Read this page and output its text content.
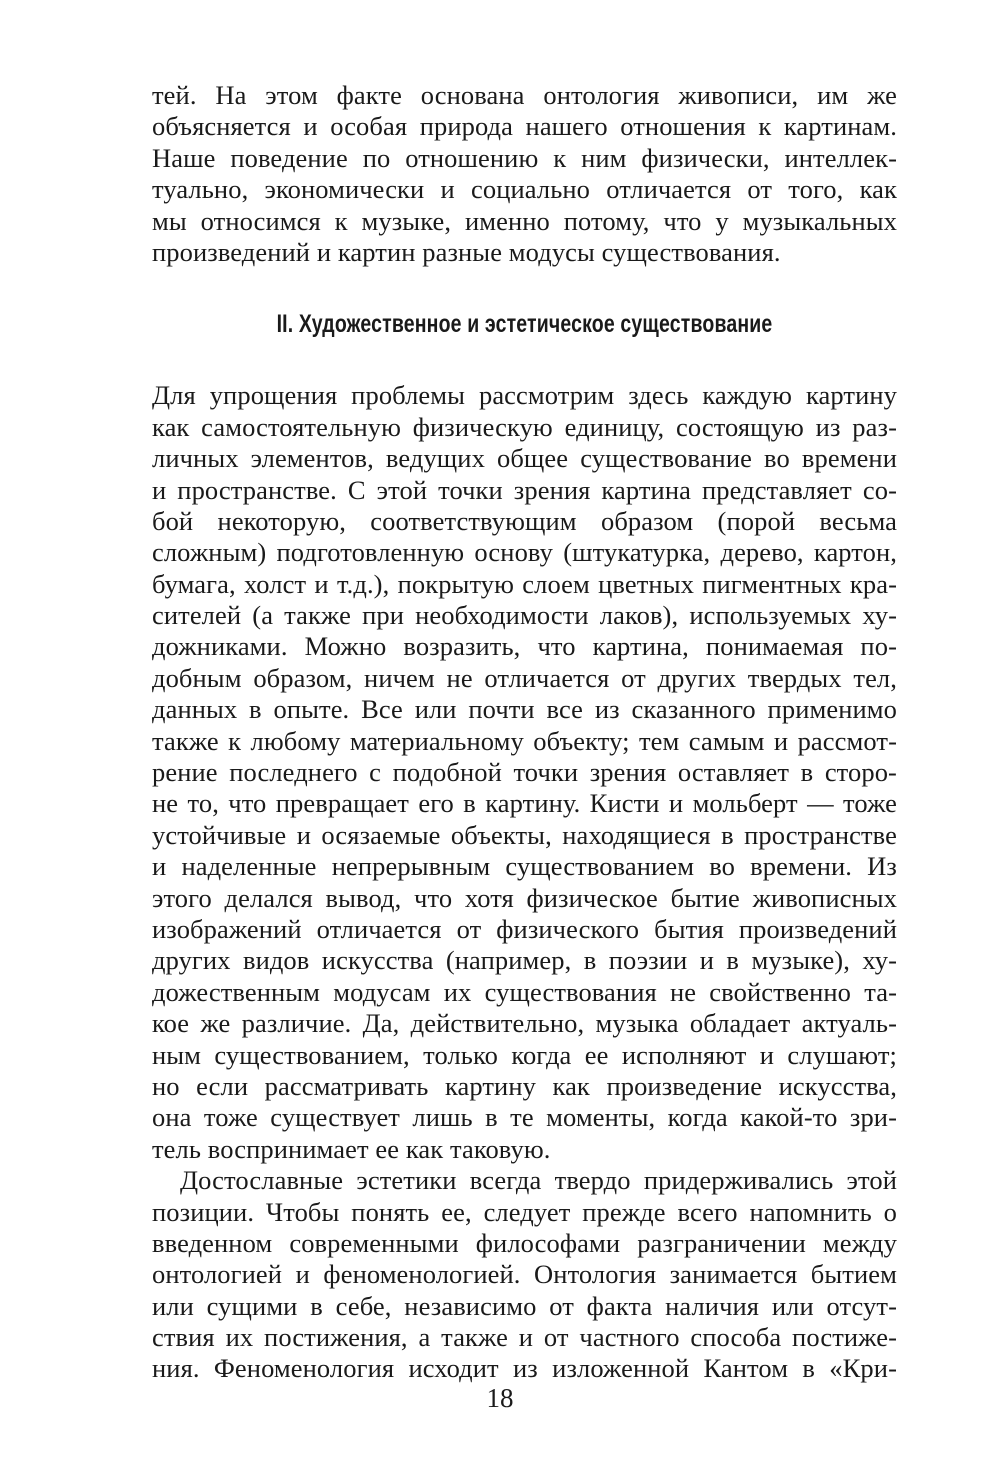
тей. На этом факте основана онтология живописи, им же
объясняется и особая природа нашего отношения к картинам.
Наше поведение по отношению к ним физически, интеллек-
туально, экономически и социально отличается от того, как
мы относимся к музыке, именно потому, что у музыкальных
произведений и картин разные модусы существования.
II. Художественное и эстетическое существование
Для упрощения проблемы рассмотрим здесь каждую картину
как самостоятельную физическую единицу, состоящую из раз-
личных элементов, ведущих общее существование во времени
и пространстве. С этой точки зрения картина представляет со-
бой некоторую, соответствующим образом (порой весьма
сложным) подготовленную основу (штукатурка, дерево, картон,
бумага, холст и т.д.), покрытую слоем цветных пигментных кра-
сителей (а также при необходимости лаков), используемых ху-
дожниками. Можно возразить, что картина, понимаемая по-
добным образом, ничем не отличается от других твердых тел,
данных в опыте. Все или почти все из сказанного применимо
также к любому материальному объекту; тем самым и рассмот-
рение последнего с подобной точки зрения оставляет в сторо-
не то, что превращает его в картину. Кисти и мольберт — тоже
устойчивые и осязаемые объекты, находящиеся в пространстве
и наделенные непрерывным существованием во времени. Из
этого делался вывод, что хотя физическое бытие живописных
изображений отличается от физического бытия произведений
других видов искусства (например, в поэзии и в музыке), ху-
дожественным модусам их существования не свойственно та-
кое же различие. Да, действительно, музыка обладает актуаль-
ным существованием, только когда ее исполняют и слушают;
но если рассматривать картину как произведение искусства,
она тоже существует лишь в те моменты, когда какой-то зри-
тель воспринимает ее как таковую.
Достославные эстетики всегда твердо придерживались этой
позиции. Чтобы понять ее, следует прежде всего напомнить о
введенном современными философами разграничении между
онтологией и феноменологией. Онтология занимается бытием
или сущими в себе, независимо от факта наличия или отсут-
ствия их постижения, а также и от частного способа постиже-
ния. Феноменология исходит из изложенной Кантом в «Кри-
18
